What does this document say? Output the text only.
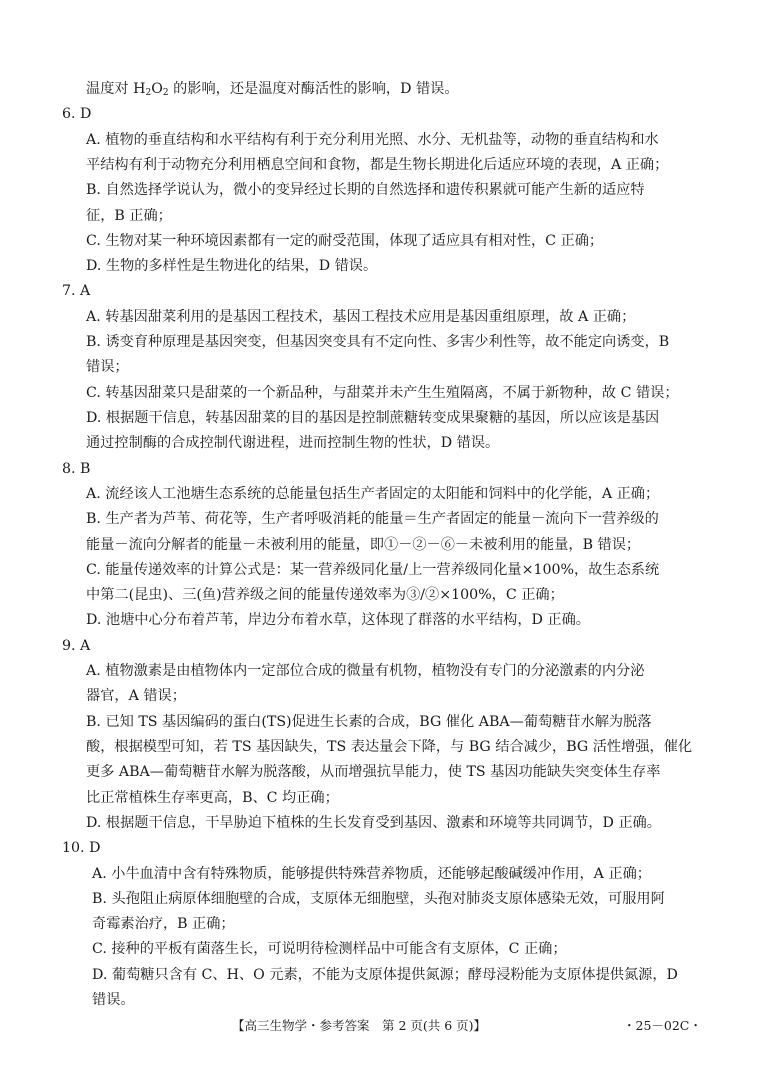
温度对 $H_2O_2$ 的影响，还是温度对酶活性的影响，D 错误。
6. D
A. 植物的垂直结构和水平结构有利于充分利用光照、水分、无机盐等，动物的垂直结构和水
平结构有利于动物充分利用栖息空间和食物，都是生物长期进化后适应环境的表现，A 正确；
B. 自然选择学说认为，微小的变异经过长期的自然选择和遗传积累就可能产生新的适应特
征，B 正确；
C. 生物对某一种环境因素都有一定的耐受范围，体现了适应具有相对性，C 正确；
D. 生物的多样性是生物进化的结果，D 错误。
7. A
A. 转基因甜菜利用的是基因工程技术，基因工程技术应用是基因重组原理，故 A 正确；
B. 诱变育种原理是基因突变，但基因突变具有不定向性、多害少利性等，故不能定向诱变，B
错误；
C. 转基因甜菜只是甜菜的一个新品种，与甜菜并未产生生殖隔离，不属于新物种，故 C 错误；
D. 根据题干信息，转基因甜菜的目的基因是控制蔗糖转变成果聚糖的基因，所以应该是基因
通过控制酶的合成控制代谢进程，进而控制生物的性状，D 错误。
8. B
A. 流经该人工池塘生态系统的总能量包括生产者固定的太阳能和饲料中的化学能，A 正确；
B. 生产者为芦苇、荷花等，生产者呼吸消耗的能量＝生产者固定的能量－流向下一营养级的
能量－流向分解者的能量－未被利用的能量，即①－②－⑥－未被利用的能量，B 错误；
C. 能量传递效率的计算公式是：某一营养级同化量/上一营养级同化量×100%，故生态系统
中第二(昆虫)、三(鱼)营养级之间的能量传递效率为③/②×100%，C 正确；
D. 池塘中心分布着芦苇，岸边分布着水草，这体现了群落的水平结构，D 正确。
9. A
A. 植物激素是由植物体内一定部位合成的微量有机物，植物没有专门的分泌激素的内分泌
器官，A 错误；
B. 已知 TS 基因编码的蛋白(TS)促进生长素的合成，BG 催化 ABA—葡萄糖苷水解为脱落
酸，根据模型可知，若 TS 基因缺失，TS 表达量会下降，与 BG 结合减少，BG 活性增强，催化
更多 ABA—葡萄糖苷水解为脱落酸，从而增强抗旱能力，使 TS 基因功能缺失突变体生存率
比正常植株生存率更高，B、C 均正确；
D. 根据题干信息，干旱胁迫下植株的生长发育受到基因、激素和环境等共同调节，D 正确。
10. D
A. 小牛血清中含有特殊物质，能够提供特殊营养物质，还能够起酸碱缓冲作用，A 正确；
B. 头孢阻止病原体细胞壁的合成，支原体无细胞壁，头孢对肺炎支原体感染无效，可服用阿
奇霉素治疗，B 正确；
C. 接种的平板有菌落生长，可说明待检测样品中可能含有支原体，C 正确；
D. 葡萄糖只含有 C、H、O 元素，不能为支原体提供氮源；酵母浸粉能为支原体提供氮源，D
错误。
【高三生物学・参考答案　第 2 页(共 6 页)】	・25－02C・
